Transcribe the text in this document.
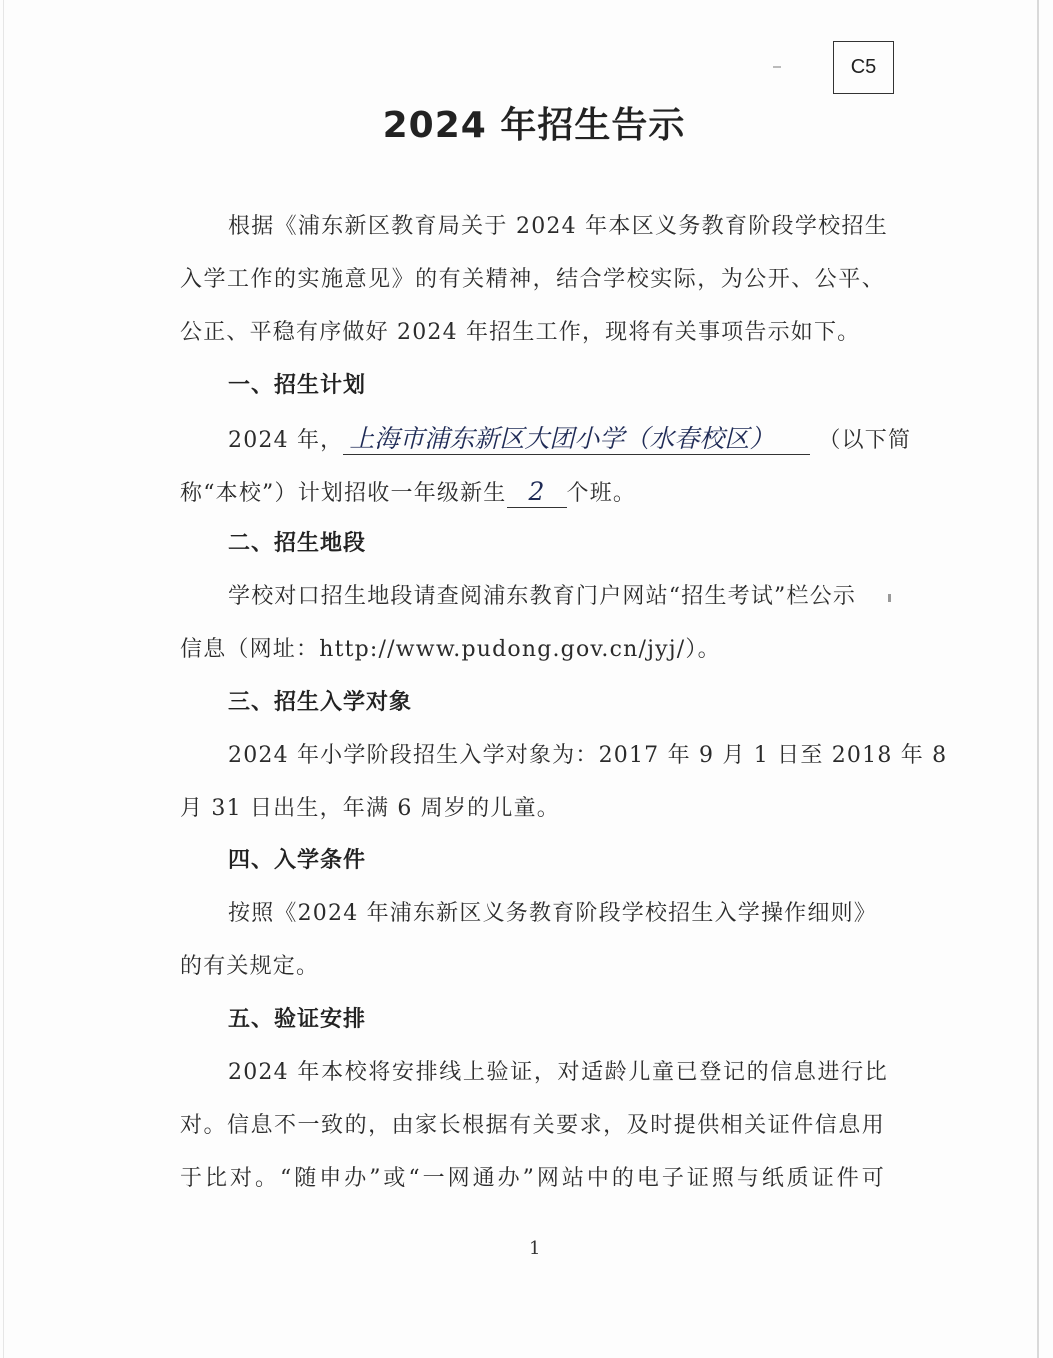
C5
2024 年招生告示
根据《浦东新区教育局关于 2024 年本区义务教育阶段学校招生
入学工作的实施意见》的有关精神，结合学校实际，为公开、公平、
公正、平稳有序做好 2024 年招生工作，现将有关事项告示如下。
一、招生计划
2024 年， 上海市浦东新区大团小学（水春校区） （以下简
称“本校”）计划招收一年级新生 2 个班。
二、招生地段
学校对口招生地段请查阅浦东教育门户网站“招生考试”栏公示
信息（网址：http://www.pudong.gov.cn/jyj/）。
三、招生入学对象
2024 年小学阶段招生入学对象为：2017 年 9 月 1 日至 2018 年 8
月 31 日出生，年满 6 周岁的儿童。
四、入学条件
按照《2024 年浦东新区义务教育阶段学校招生入学操作细则》
的有关规定。
五、验证安排
2024 年本校将安排线上验证，对适龄儿童已登记的信息进行比
对。信息不一致的，由家长根据有关要求，及时提供相关证件信息用
于比对。“随申办”或“一网通办”网站中的电子证照与纸质证件可
1
